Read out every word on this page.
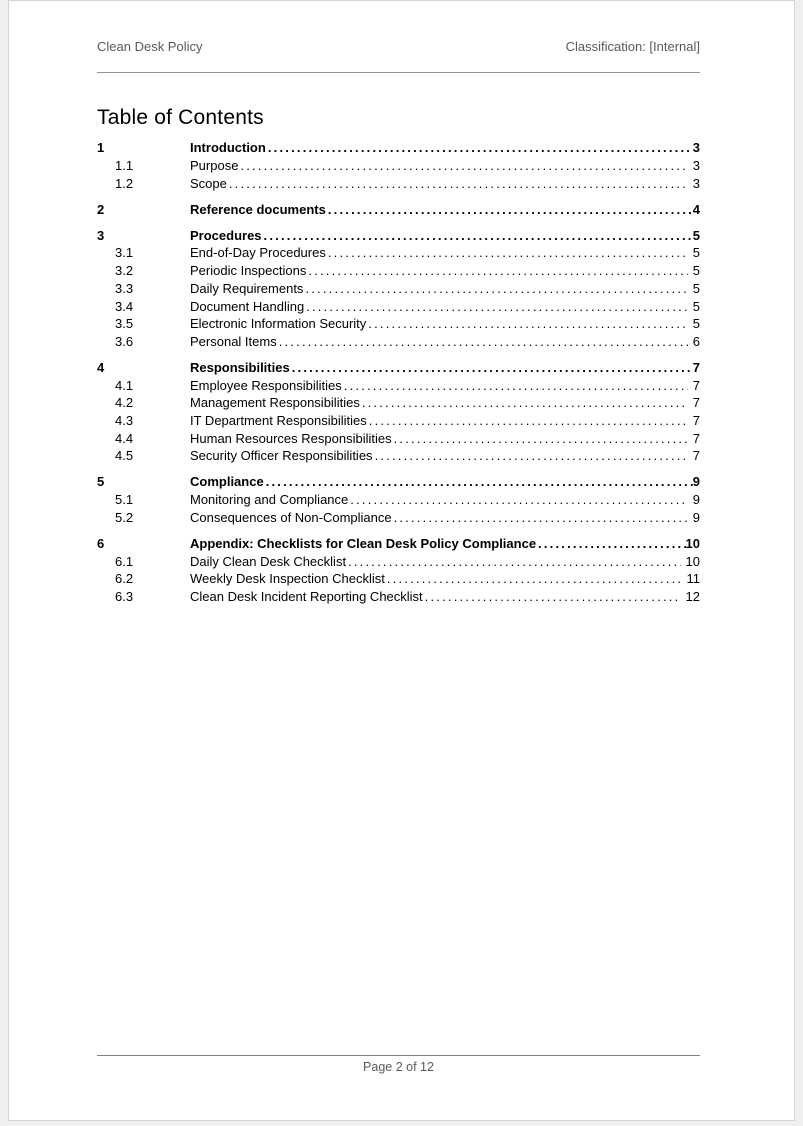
Clean Desk Policy	Classification: [Internal]
Table of Contents
1	Introduction .....	3
1.1	Purpose .....	3
1.2	Scope .....	3
2	Reference documents .....	4
3	Procedures .....	5
3.1	End-of-Day Procedures .....	5
3.2	Periodic Inspections .....	5
3.3	Daily Requirements .....	5
3.4	Document Handling .....	5
3.5	Electronic Information Security .....	5
3.6	Personal Items .....	6
4	Responsibilities .....	7
4.1	Employee Responsibilities .....	7
4.2	Management Responsibilities .....	7
4.3	IT Department Responsibilities .....	7
4.4	Human Resources Responsibilities .....	7
4.5	Security Officer Responsibilities .....	7
5	Compliance .....	9
5.1	Monitoring and Compliance .....	9
5.2	Consequences of Non-Compliance .....	9
6	Appendix: Checklists for Clean Desk Policy Compliance .....	10
6.1	Daily Clean Desk Checklist .....	10
6.2	Weekly Desk Inspection Checklist .....	11
6.3	Clean Desk Incident Reporting Checklist .....	12
Page 2 of 12
